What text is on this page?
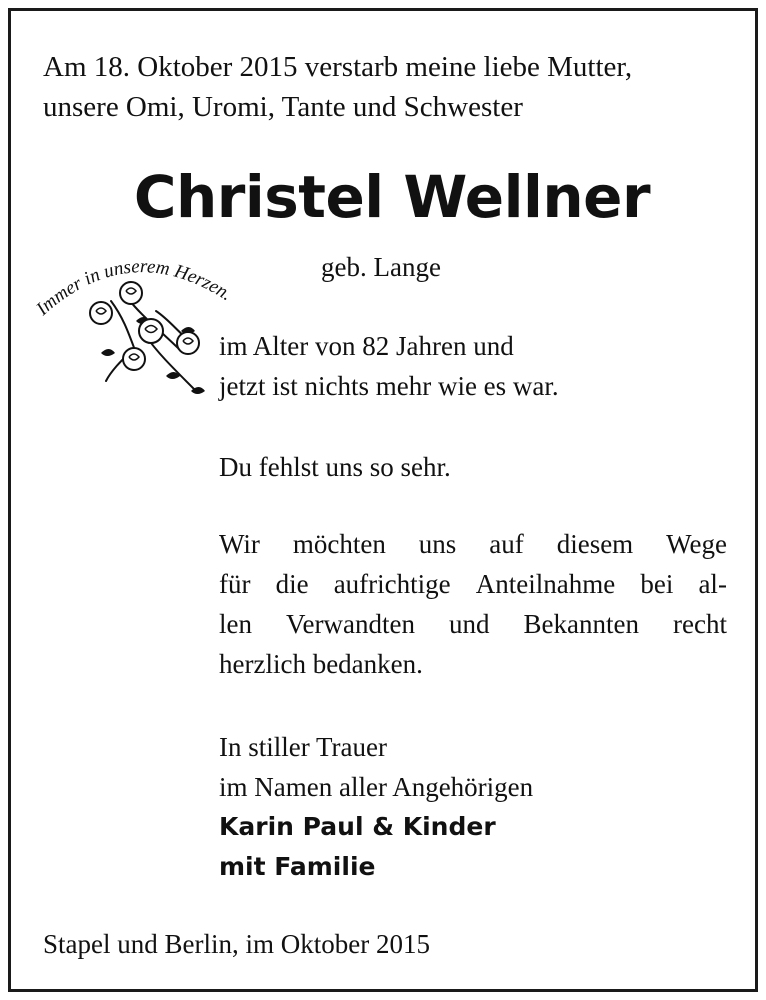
Am 18. Oktober 2015 verstarb meine liebe Mutter,
unsere Omi, Uromi, Tante und Schwester
Christel Wellner
Immer in unserem Herzen.
geb. Lange
im Alter von 82 Jahren und
jetzt ist nichts mehr wie es war.
Du fehlst uns so sehr.
Wir möchten uns auf diesem Wege
für die aufrichtige Anteilnahme bei al-
len Verwandten und Bekannten recht
herzlich bedanken.
In stiller Trauer
im Namen aller Angehörigen
Karin Paul & Kinder
mit Familie
Stapel und Berlin, im Oktober 2015
